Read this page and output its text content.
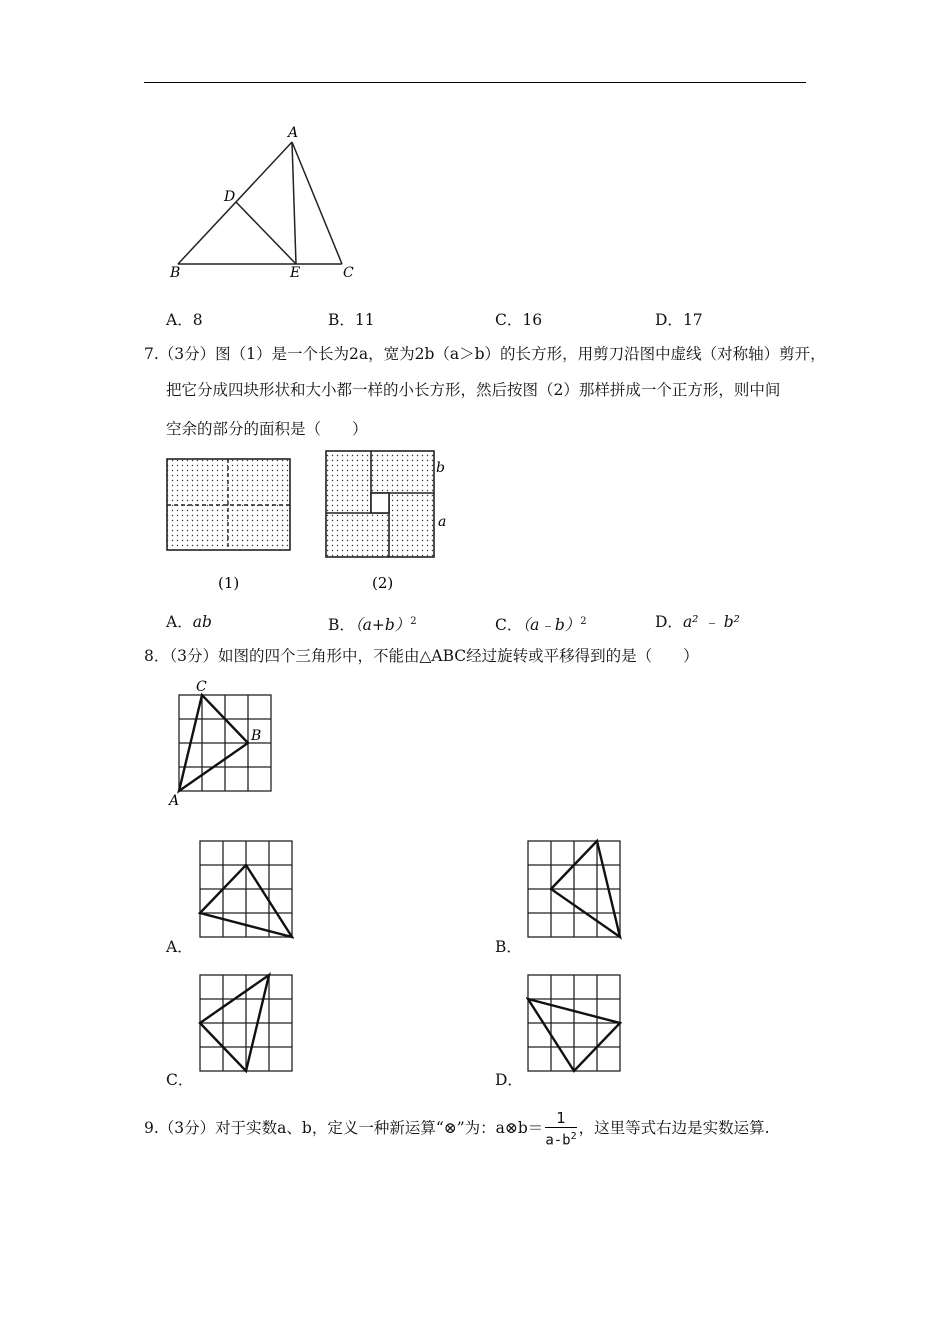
A
D
B	E	C
A．8	B．11	C．16	D．17
7.（3分）图（1）是一个长为2a，宽为2b（a＞b）的长方形，用剪刀沿图中虚线（对称轴）剪开，
把它分成四块形状和大小都一样的小长方形，然后按图（2）那样拼成一个正方形，则中间
空余的部分的面积是（　　）
(1)
b
a
(2)
A．ab	B．$(a+b)^2$	C．（a﹣b）$^2$	D．a² ﹣ b²
8．（3分）如图的四个三角形中，不能由△ABC经过旋转或平移得到的是（　　）
C
B
A
A．	B．
C．	D．
9.（3分）对于实数a、b，定义一种新运算“⊗”为：a⊗b＝ $\frac{1}{a-b^2}$ ，这里等式右边是实数运算.
